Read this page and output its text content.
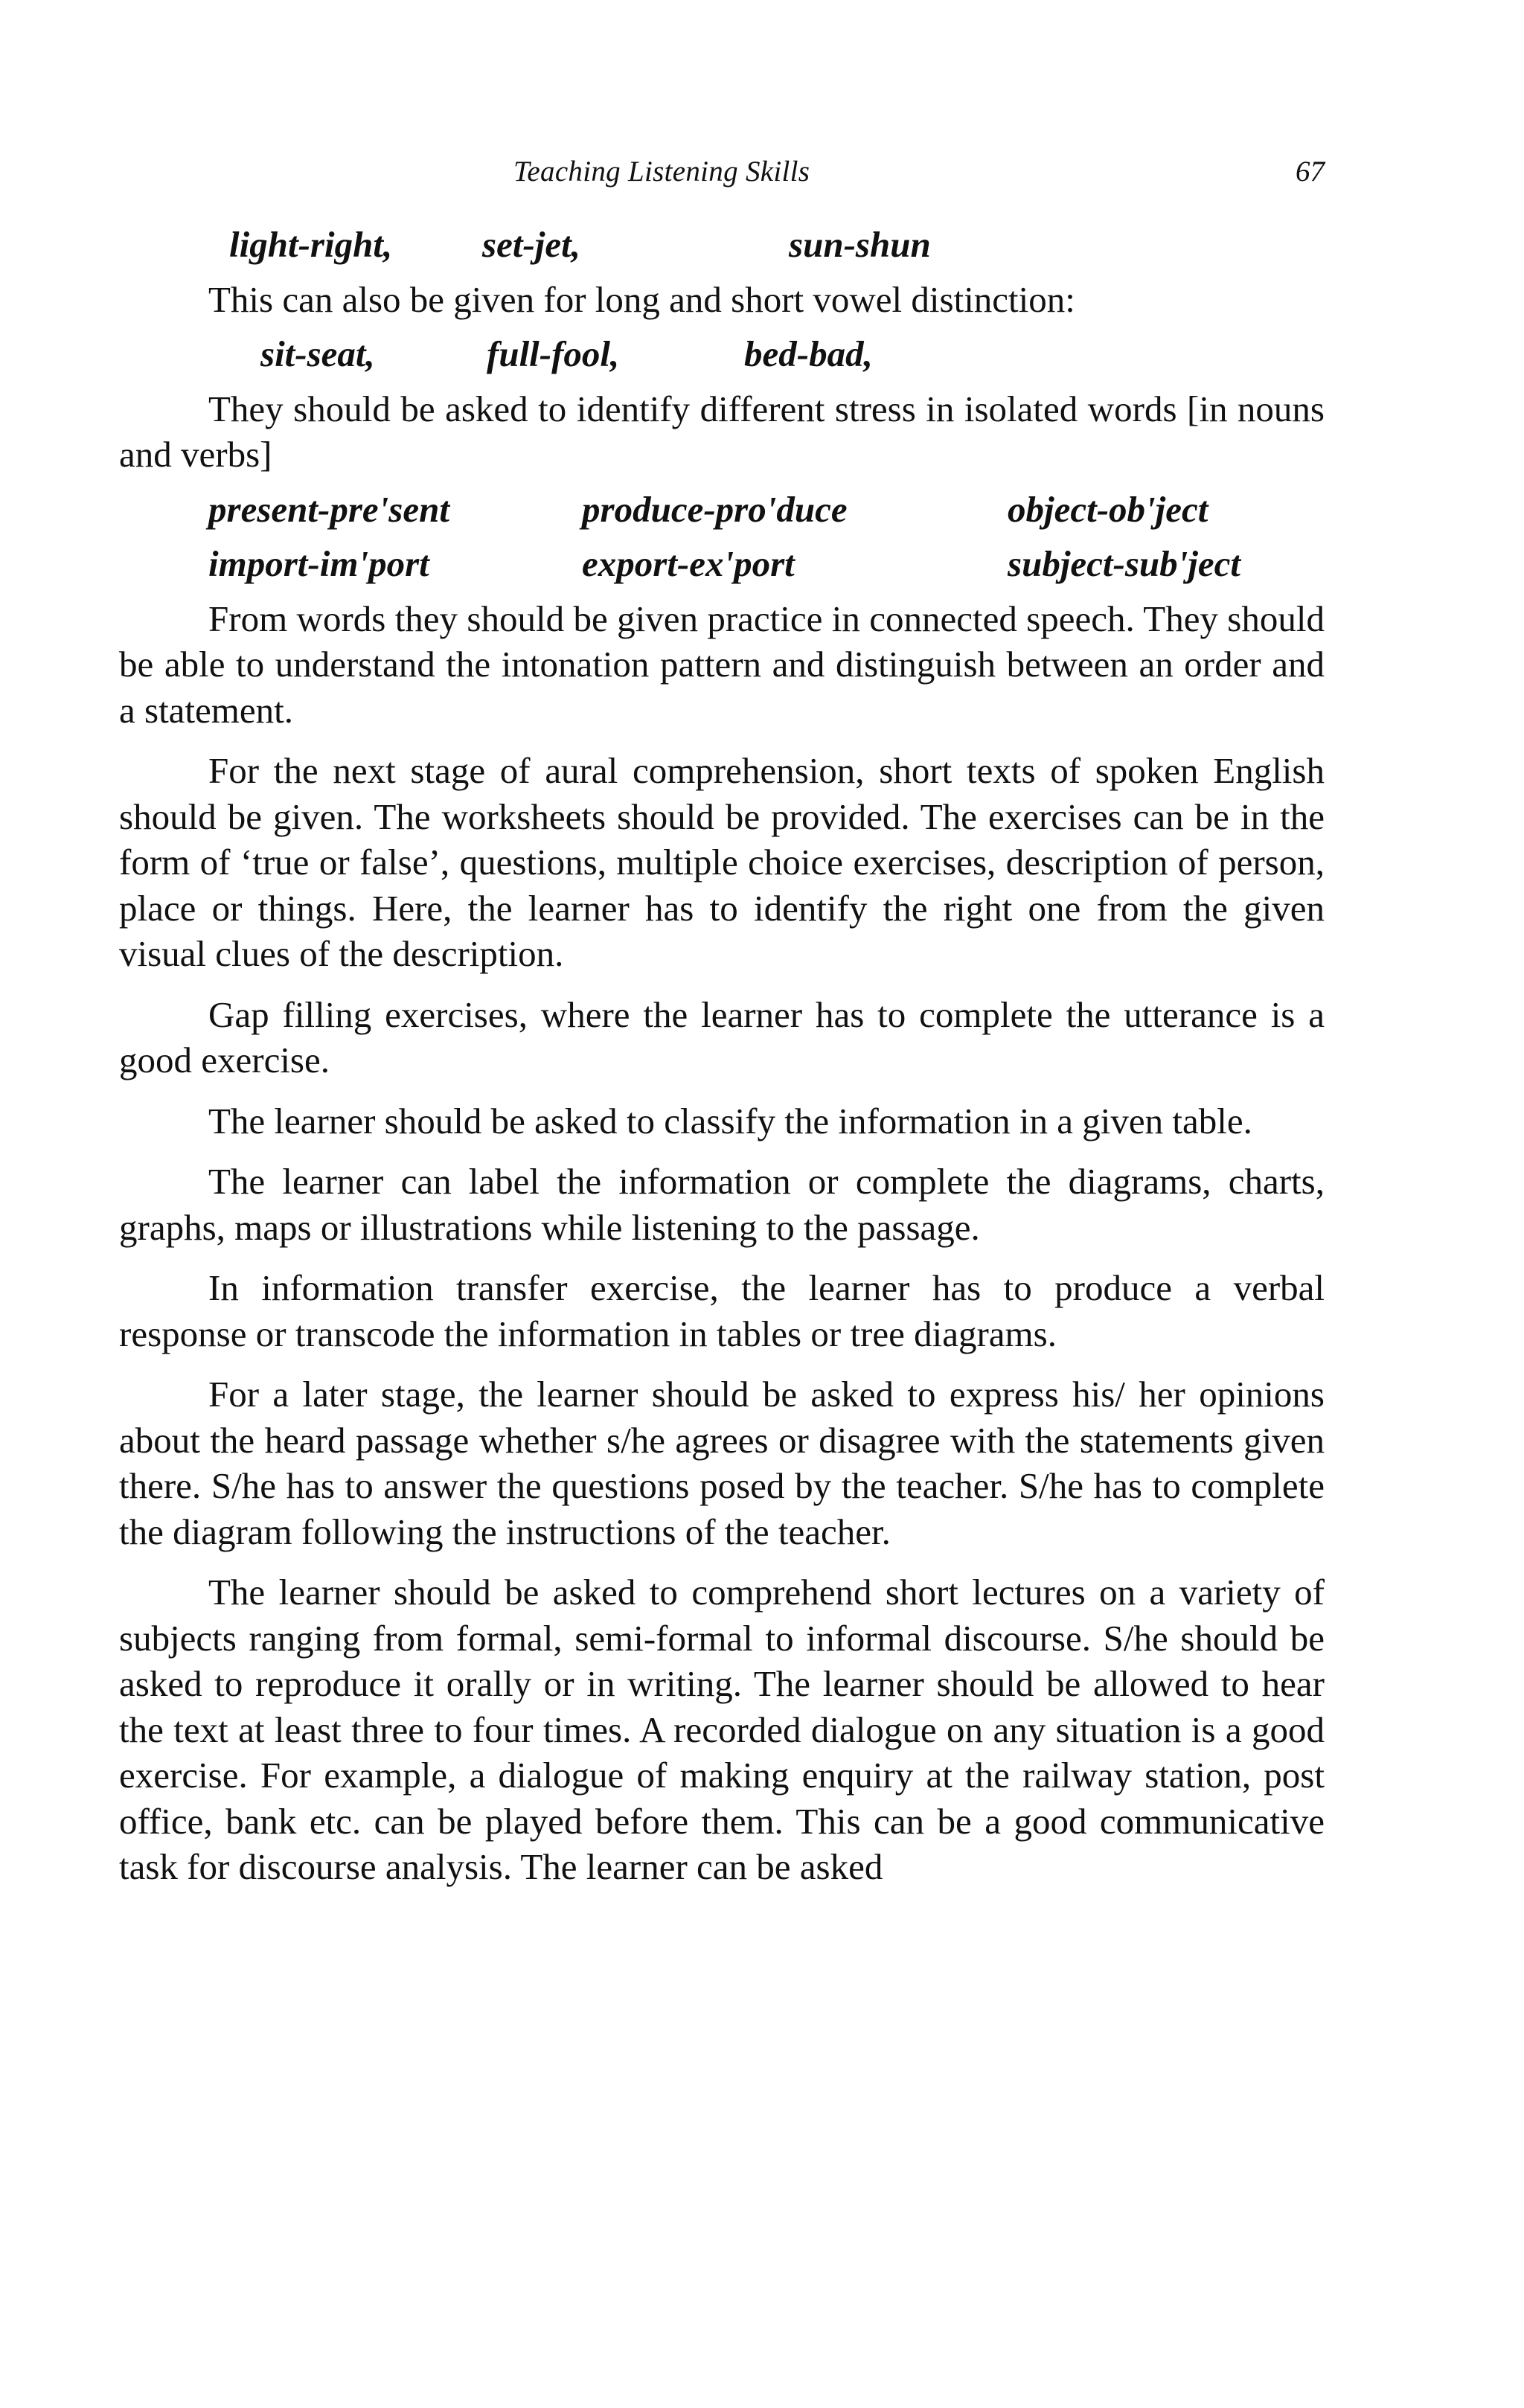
Teaching Listening Skills	67
light-right,	set-jet,	sun-shun

This can also be given for long and short vowel distinction:

sit-seat,	full-fool,	bed-bad,

They should be asked to identify different stress in isolated words [in nouns and verbs]

present-pre'sent	produce-pro'duce	object-ob'ject
import-im'port	export-ex'port	subject-sub'ject

From words they should be given practice in connected speech. They should be able to understand the intonation pattern and distinguish between an order and a statement.

For the next stage of aural comprehension, short texts of spoken English should be given. The worksheets should be provided. The exercises can be in the form of ‘true or false’, questions, multiple choice exercises, description of person, place or things. Here, the learner has to identify the right one from the given visual clues of the description.

Gap filling exercises, where the learner has to complete the utterance is a good exercise.

The learner should be asked to classify the information in a given table.

The learner can label the information or complete the diagrams, charts, graphs, maps or illustrations while listening to the passage.

In information transfer exercise, the learner has to produce a verbal response or transcode the information in tables or tree diagrams.

For a later stage, the learner should be asked to express his/ her opinions about the heard passage whether s/he agrees or disagree with the statements given there. S/he has to answer the questions posed by the teacher. S/he has to complete the diagram following the instructions of the teacher.

The learner should be asked to comprehend short lectures on a variety of subjects ranging from formal, semi-formal to informal discourse. S/he should be asked to reproduce it orally or in writing. The learner should be allowed to hear the text at least three to four times. A recorded dialogue on any situation is a good exercise. For example, a dialogue of making enquiry at the railway station, post office, bank etc. can be played before them. This can be a good communicative task for discourse analysis. The learner can be asked
